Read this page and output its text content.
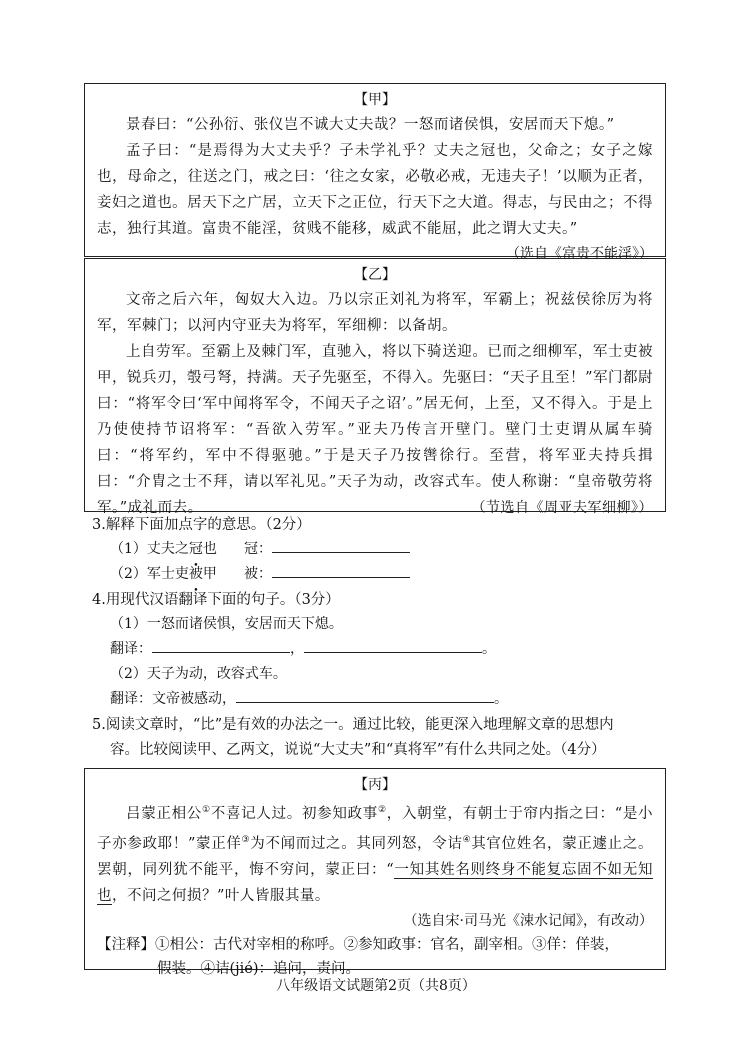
【甲】

景春曰：“公孙衍、张仪岂不诚大丈夫哉？一怒而诸侯惧，安居而天下熄。”

孟子曰：“是焉得为大丈夫乎？子未学礼乎？丈夫之冠也，父命之；女子之嫁也，母命之，往送之门，戒之曰：‘往之女家，必敬必戒，无违夫子！’以顺为正者，妾妇之道也。居天下之广居，立天下之正位，行天下之大道。得志，与民由之；不得志，独行其道。富贵不能淫，贫贱不能移，威武不能屈，此之谓大丈夫。”

（选自《富贵不能淫》）
【乙】

文帝之后六年，匈奴大入边。乃以宗正刘礼为将军，军霸上；祝兹侯徐厉为将军，军棘门；以河内守亚夫为将军，军细柳：以备胡。

上自劳军。至霸上及棘门军，直驰入，将以下骑送迎。已而之细柳军，军士吏被甲，锐兵刃，彀弓弩，持满。天子先驱至，不得入。先驱曰：“天子且至！”军门都尉曰：“将军令曰‘军中闻将军令，不闻天子之诏’。”居无何，上至，又不得入。于是上乃使使持节诏将军：“吾欲入劳军。”亚夫乃传言开壁门。壁门士吏谓从属车骑曰：“将军约，军中不得驱驰。”于是天子乃按辔徐行。至营，将军亚夫持兵揖曰：“介胄之士不拜，请以军礼见。”天子为动，改容式车。使人称谢：“皇帝敬劳将军。”成礼而去。	（节选自《周亚夫军细柳》）

3.解释下面加点字的意思。（2分）
（1）丈夫之冠也 冠：
（2）军士吏被甲 被：
4.用现代汉语翻译下面的句子。（3分）
（1）一怒而诸侯惧，安居而天下熄。
翻译：	，	。
（2）天子为动，改容式车。
翻译：文帝被感动，	。
5.阅读文章时，“比”是有效的办法之一。通过比较，能更深入地理解文章的思想内
容。比较阅读甲、乙两文，说说“大丈夫”和“真将军”有什么共同之处。（4分）
【丙】

吕蒙正相公①不喜记人过。初参知政事②，入朝堂，有朝士于帘内指之曰：“是小子亦参政耶！”蒙正佯③为不闻而过之。其同列怒，令诘④其官位姓名，蒙正遽止之。罢朝，同列犹不能平，悔不穷问，蒙正曰：“一知其姓名则终身不能复忘固不如无知也，不问之何损？”叶人皆服其量。

（选自宋·司马光《涑水记闻》，有改动）
【注释】①相公：古代对宰相的称呼。②参知政事：官名，副宰相。③佯：佯装，
假装。④诘(jié)：追问，责问。
八年级语文试题第2页（共8页）
